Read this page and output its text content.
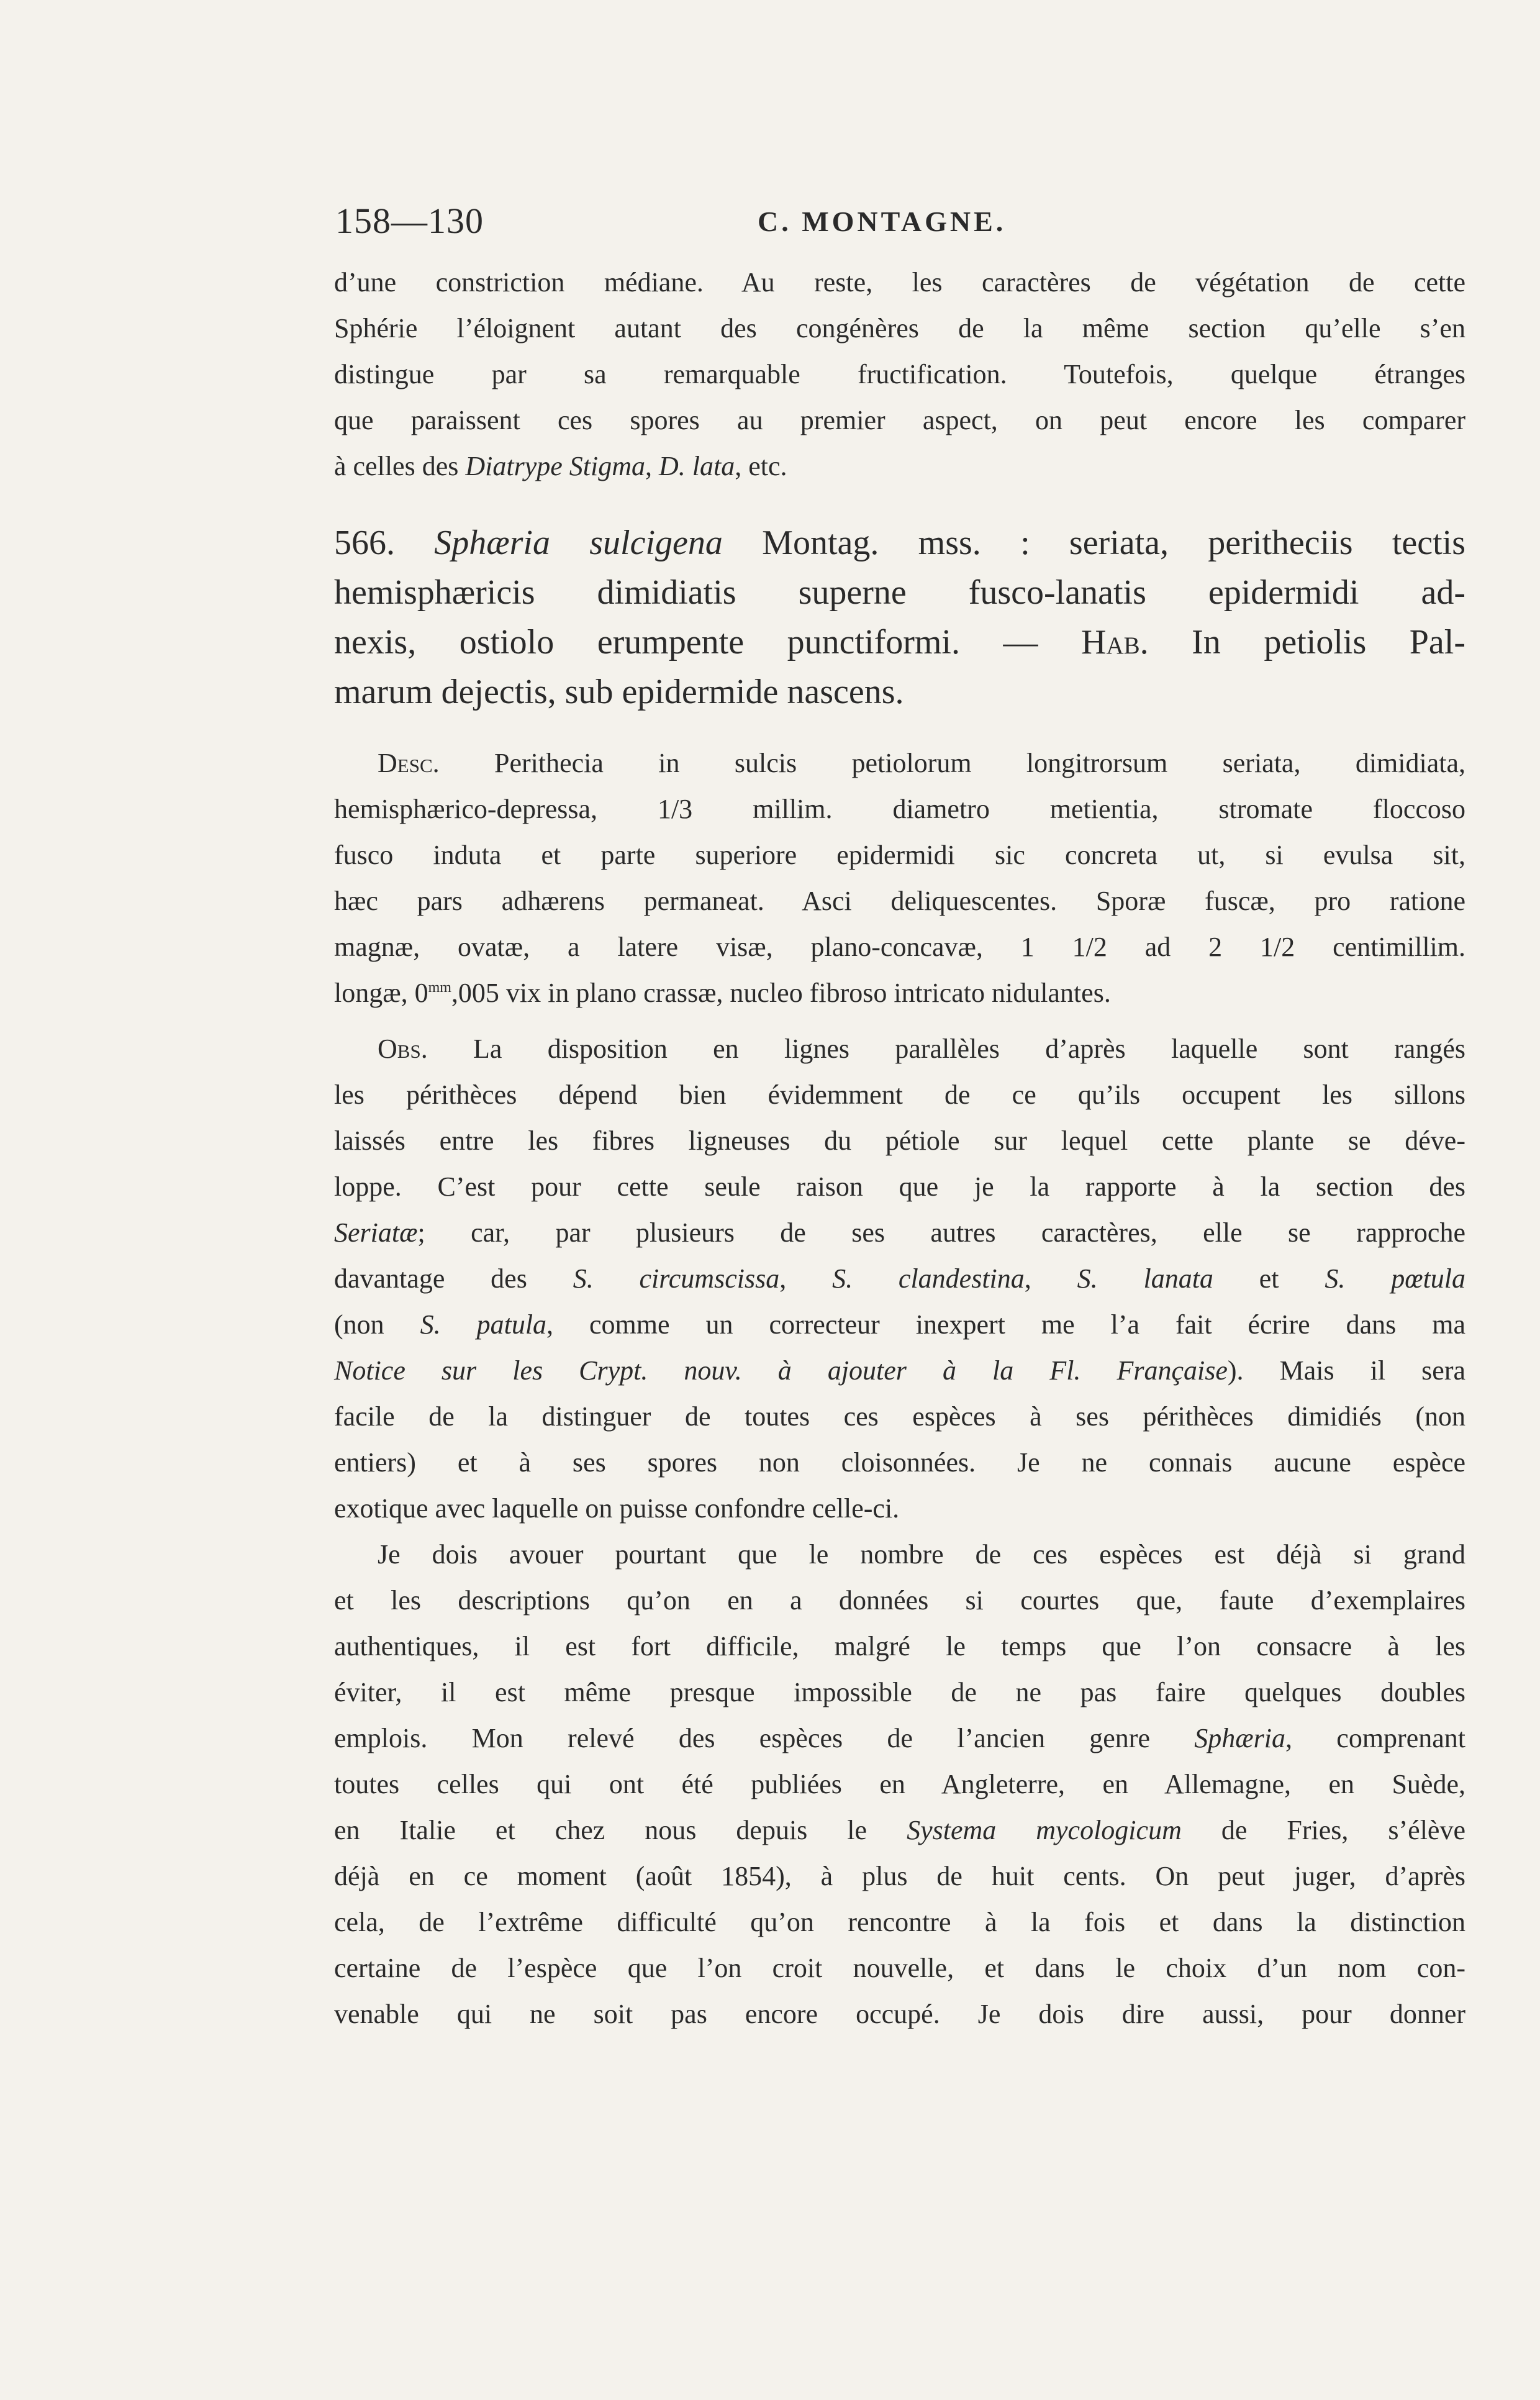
158—130	C. MONTAGNE.

d’une constriction médiane. Au reste, les caractères de végétation de cette

Sphérie l’éloignent autant des congénères de la même section qu’elle s’en

distingue par sa remarquable fructification. Toutefois, quelque étranges

que paraissent ces spores au premier aspect, on peut encore les comparer

à celles des Diatrype Stigma, D. lata, etc.

566. Sphæria sulcigena Montag. mss. : seriata, peritheciis tectis

hemisphæricis dimidiatis superne fusco-lanatis epidermidi ad-

nexis, ostiolo erumpente punctiformi. — Hab. In petiolis Pal-

marum dejectis, sub epidermide nascens.

Desc. Perithecia in sulcis petiolorum longitrorsum seriata, dimidiata,

hemisphærico-depressa, 1/3 millim. diametro metientia, stromate floccoso

fusco induta et parte superiore epidermidi sic concreta ut, si evulsa sit,

hæc pars adhærens permaneat. Asci deliquescentes. Sporæ fuscæ, pro ratione

magnæ, ovatæ, a latere visæ, plano-concavæ, 1 1/2 ad 2 1/2 centimillim.

longæ, $0^{mm},005$ vix in plano crassæ, nucleo fibroso intricato nidulantes.

Obs. La disposition en lignes parallèles d’après laquelle sont rangés

les périthèces dépend bien évidemment de ce qu’ils occupent les sillons

laissés entre les fibres ligneuses du pétiole sur lequel cette plante se déve-

loppe. C’est pour cette seule raison que je la rapporte à la section des

Seriatæ; car, par plusieurs de ses autres caractères, elle se rapproche

davantage des S. circumscissa, S. clandestina, S. lanata et S. pœtula

(non S. patula, comme un correcteur inexpert me l’a fait écrire dans ma

Notice sur les Crypt. nouv. à ajouter à la Fl. Française). Mais il sera

facile de la distinguer de toutes ces espèces à ses périthèces dimidiés (non

entiers) et à ses spores non cloisonnées. Je ne connais aucune espèce

exotique avec laquelle on puisse confondre celle-ci.

Je dois avouer pourtant que le nombre de ces espèces est déjà si grand

et les descriptions qu’on en a données si courtes que, faute d’exemplaires

authentiques, il est fort difficile, malgré le temps que l’on consacre à les

éviter, il est même presque impossible de ne pas faire quelques doubles

emplois. Mon relevé des espèces de l’ancien genre Sphæria, comprenant

toutes celles qui ont été publiées en Angleterre, en Allemagne, en Suède,

en Italie et chez nous depuis le Systema mycologicum de Fries, s’élève

déjà en ce moment (août 1854), à plus de huit cents. On peut juger, d’après

cela, de l’extrême difficulté qu’on rencontre à la fois et dans la distinction

certaine de l’espèce que l’on croit nouvelle, et dans le choix d’un nom con-

venable qui ne soit pas encore occupé. Je dois dire aussi, pour donner
